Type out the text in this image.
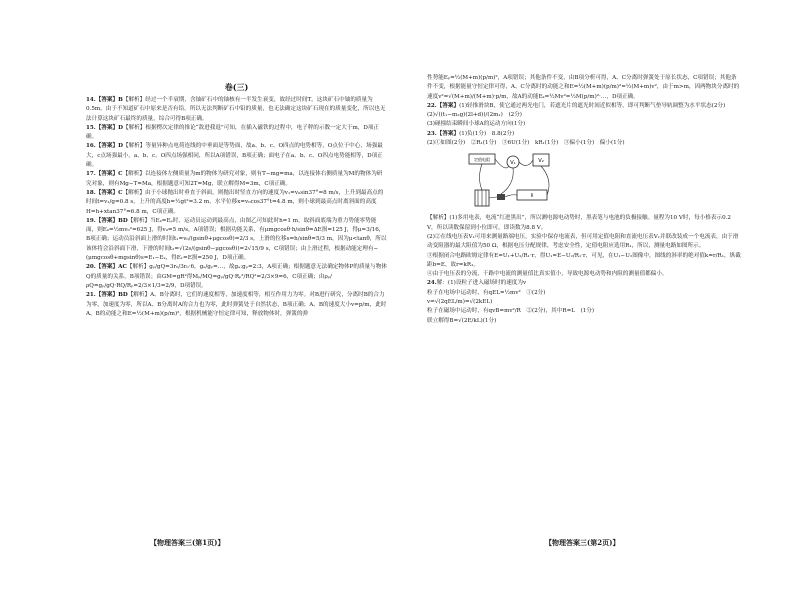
卷(三)

14.【答案】B【解析】经过一个半衰期，含铀矿石中的铀核有一半发生衰变，故经过时间T，这块矿石中铀的质量为0.5m。由于不知道矿石中原来是否有铅，所以无法判断矿石中铅的质量，也无法确定这块矿石现在的质量变化，所以也无法计算这块矿石最终的质量，综合可得B项正确。

15.【答案】D【解析】根据楞次定律的推论“敌进我退”可知，在插入磁铁的过程中，电子秤的示数一定大于m，D项正确。

16.【答案】D【解析】等量异种点电荷连线的中垂面是等势面，故a、b、c、O四点的电势相等，O点位于中心，场强最大，c点场强最小，a、b、c、O四点场强相同，所以A项错误，B项正确；面电子在a、b、c、O四点电势能相等，D项正确。

17.【答案】C【解析】以连接体左侧质量为m的物体为研究对象，则有T−mg=ma，以连接体右侧质量为M的物体为研究对象，则有Mg−T=Ma，根据题意可知2T=Mg，联立解得M=3m，C项正确。

18.【答案】C【解析】由于小球抛出时垂直于斜面，则抛出时竖直方向的速度为v₁=v₀sin37°=8 m/s，上升到最高点的时间t=v₁/g=0.8 s，上升的高度h=½gt²=3.2 m，水平位移x=v₀cos37°t=4.8 m，则小球到最高点时离斜面的高度H=h+xtan37°=6.8 m，C项正确。

19.【答案】BD【解析】当Eₖ=Eₚ时，运动员运动到最高点，由图乙可知此时h=1 m。取斜面底端为重力势能零势能面，则Eₖ=½mv₀²=625 J，得v₀=5 m/s，A项错误；根据功能关系，有μmgcosθ·h/sinθ=ΔE损=125 J，得μ=3/16，B项正确；运动员沿斜面上滑的时间t₁=v₀/(gsinθ+μgcosθ)=2/3 s，上滑的位移s=h/sinθ=5/3 m，因为μ<tanθ，所以该体将会沿斜面下滑，下滑的时间t₂=√(2s/(gsinθ−μgcosθ))=2√15/9 s，C项错误；由上滑过程，根据动能定理有−(μmgcosθ+mgsinθ)s=E₁−Eₖ，得E₁=E损=250 J，D项正确。

20.【答案】AC【解析】gₚ/gQ=3r₀/3r₀·6，gₐ/gₚ=…，故gₐ:gₚ=2:3，A项正确；根据题意无法确定物体P的质量与物体Q的质量的关系，B项错误；由GM=gR²得Mₚ/MQ=gₚ/gQ·Rₚ²/RQ²=2/3×9=6，C项正确；由ρₚ/ρQ=gₚ/gQ·RQ/Rₚ=2/3×1/3=2/9，D项错误。

21.【答案】BD【解析】A、B分离时，它们的速度相等，加速度相等，相互作用力为零。对B进行研究，分离时B的合力为零，加速度为零，所以A、B分离时A的合力也为零，此时弹簧处于自然状态，B项正确；A、B的速度大小v=p/m，此时A、B的动能之和E=½(M+m)(p/m)²，根据机械能守恒定律可知，释放物体时，弹簧的弹

【物理答案三(第1页)】

性势能Eₚ=½(M+m)(p/m)²，A项错误；其他条件不变，由B项分析可得，A、C分离时弹簧处于原长状态，C项错误；其他条件不变，根据能量守恒定律可得，A、C分离时的动能之和E=½(M+m)(p/m)²=½(M+m)v²，由于m>m，因两物块分离时的速度v²=√(M+m)/(M+m)·p/m，故A的动能Eₖ=½Mv²=½M(p/m)²·…，D项正确。

22.【答案】(1)轻推滑块B，使它通过两光电门，若遮光片的遮光时间近似相等，即可判断气垫导轨调整为水平状态(2分)

(2)√((t₁−m₂g)(2l+d))/(2m₁)　(2分)

(3)碰撞结束瞬间小球A的运动方向(1分)

23.【答案】(1)负(1分)　8.8(2分)

(2)①如图(2分)　②R₁(1分)　③6U(1分)　kR₁(1分)　③偏小(1分)　偏小(1分)

定值电阻
V₁	V₂
R

【解析】(1)多用电表，电流“红进黑出”，所以测电源电动势时，黑表笔与电池的负极接触。量程为10 V时，每小格表示0.2 V，所以读数保留到小位即可，即读数为8.8 V。

(2)②在线电压表V₁可用来测量路端电压，实验中保存电流表，但可用定值电阻和直流电压表V₁并联改装成一个电流表，由于滑动变阻器的最大阻值为50 Ω，根据电压分配规律，考虑安全性，定值电阻应选用R₁，所以，测量电路如图所示。

③根据闭合电路欧姆定律有E=U₁+U₂/R₁·r，得U₁=E−U₂/R₁·r，可见，在U₁−U₂图像中，图线的斜率的绝对值k=r/R₁，纵截距b=E，故r=kR₁。

④由于电压表的分流，干路中电流的测量值比真实值小，导致电源电动势和内阻的测量值都偏小。

24.解：(1)设粒子进入磁场时的速度为v

粒子在电场中运动时，有qEL=½mv²　①(2分)

v=√(2qEL/m)=√(2kEL)

粒子在磁场中运动时，有qvB=mv²/R　②(2分)，其中R=L　(1分)

联立解得B=√(2E/kL)(1分)

【物理答案三(第2页)】
